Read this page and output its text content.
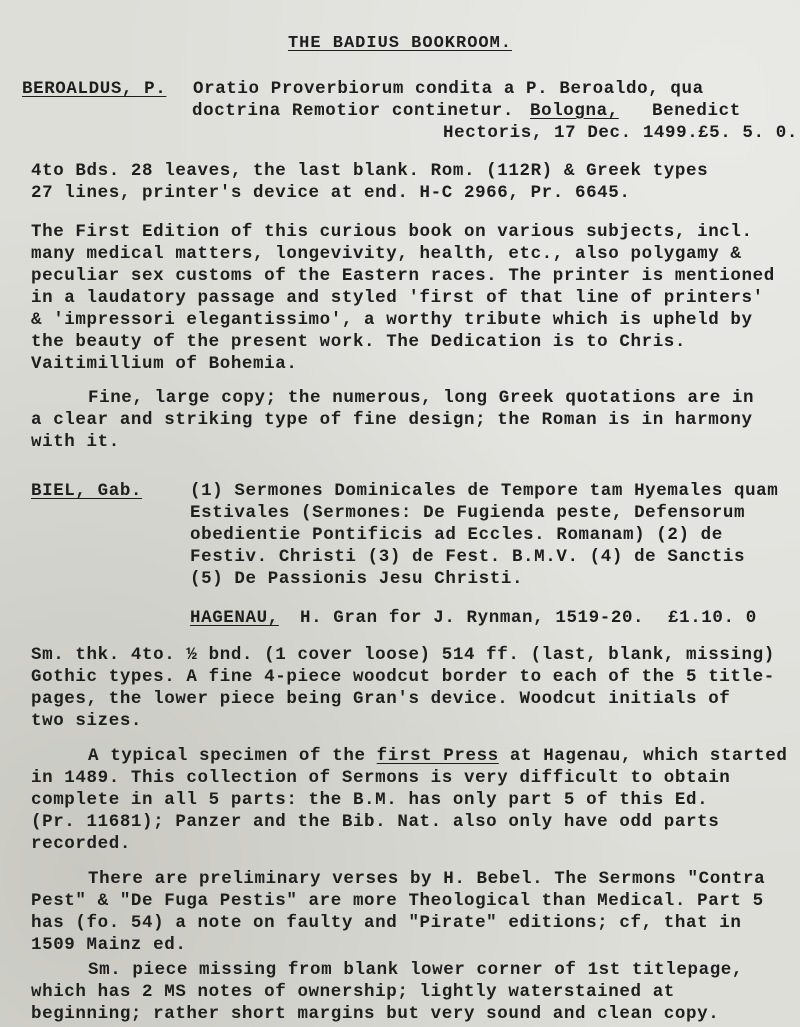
THE BADIUS BOOKROOM.
BEROALDUS, P. Oratio Proverbiorum condita a P. Beroaldo, qua
doctrina Remotior continetur. Bologna, Benedict
Hectoris, 17 Dec. 1499. £5. 5. 0.
4to Bds. 28 leaves, the last blank. Rom. (112R) & Greek types
27 lines, printer's device at end. H-C 2966, Pr. 6645.
The First Edition of this curious book on various subjects, incl.
many medical matters, longevivity, health, etc., also polygamy &
peculiar sex customs of the Eastern races. The printer is mentioned
in a laudatory passage and styled 'first of that line of printers'
& 'impressori elegantissimo', a worthy tribute which is upheld by
the beauty of the present work. The Dedication is to Chris.
Vaitimillium of Bohemia.
Fine, large copy; the numerous, long Greek quotations are in
a clear and striking type of fine design; the Roman is in harmony
with it.
BIEL, Gab.	(1) Sermones Dominicales de Tempore tam Hyemales quam
Estivales (Sermones: De Fugienda peste, Defensorum
obedientie Pontificis ad Eccles. Romanam) (2) de
Festiv. Christi (3) de Fest. B.M.V. (4) de Sanctis
(5) De Passionis Jesu Christi.
HAGENAU, H. Gran for J. Rynman, 1519-20. £1.10. 0
Sm. thk. 4to. ½ bnd. (1 cover loose) 514 ff. (last, blank, missing)
Gothic types. A fine 4-piece woodcut border to each of the 5 title-
pages, the lower piece being Gran's device. Woodcut initials of
two sizes.
A typical specimen of the first Press at Hagenau, which started
in 1489. This collection of Sermons is very difficult to obtain
complete in all 5 parts: the B.M. has only part 5 of this Ed.
(Pr. 11681); Panzer and the Bib. Nat. also only have odd parts
recorded.
There are preliminary verses by H. Bebel. The Sermons "Contra
Pest" & "De Fuga Pestis" are more Theological than Medical. Part 5
has (fo. 54) a note on faulty and "Pirate" editions; cf, that in
1509 Mainz ed.
Sm. piece missing from blank lower corner of 1st titlepage,
which has 2 MS notes of ownership; lightly waterstained at
beginning; rather short margins but very sound and clean copy.
